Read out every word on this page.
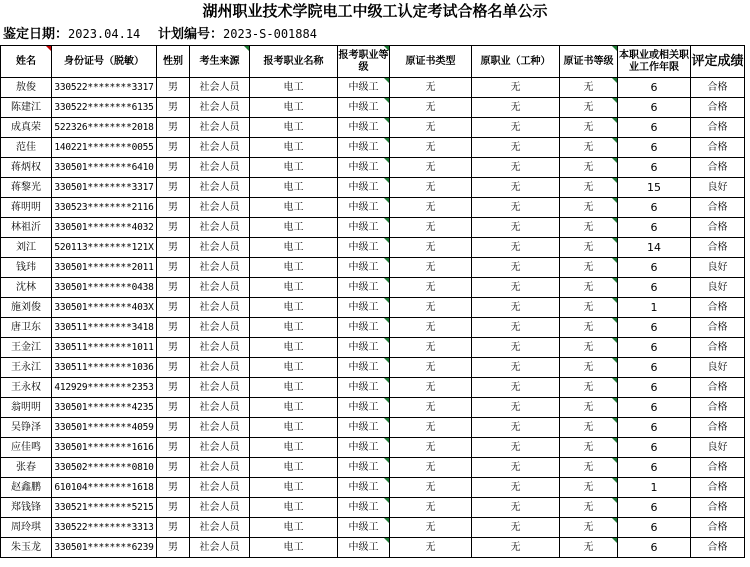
湖州职业技术学院电工中级工认定考试合格名单公示
鉴定日期：2023.04.14 计划编号：2023-S-001884
姓名	身份证号（脱敏）	性别	考生来源	报考职业名称	报考职业等级	原证书类型	原职业（工种）	原证书等级	本职业或相关职业工作年限	评定成绩
敖俊	330522********3317	男	社会人员	电工	中级工	无	无	无	6	合格
陈建江	330522********6135	男	社会人员	电工	中级工	无	无	无	6	合格
成真荣	522326********2018	男	社会人员	电工	中级工	无	无	无	6	合格
范佳	140221********0055	男	社会人员	电工	中级工	无	无	无	6	合格
蒋炳权	330501********6410	男	社会人员	电工	中级工	无	无	无	6	合格
蒋黎光	330501********3317	男	社会人员	电工	中级工	无	无	无	15	良好
蒋明明	330523********2116	男	社会人员	电工	中级工	无	无	无	6	合格
林祖沂	330501********4032	男	社会人员	电工	中级工	无	无	无	6	合格
刘江	520113********121X	男	社会人员	电工	中级工	无	无	无	14	合格
钱玮	330501********2011	男	社会人员	电工	中级工	无	无	无	6	良好
沈林	330501********0438	男	社会人员	电工	中级工	无	无	无	6	良好
施刘俊	330501********403X	男	社会人员	电工	中级工	无	无	无	1	合格
唐卫东	330511********3418	男	社会人员	电工	中级工	无	无	无	6	合格
王金江	330511********1011	男	社会人员	电工	中级工	无	无	无	6	合格
王永江	330511********1036	男	社会人员	电工	中级工	无	无	无	6	良好
王永权	412929********2353	男	社会人员	电工	中级工	无	无	无	6	合格
翁明明	330501********4235	男	社会人员	电工	中级工	无	无	无	6	合格
吴铮泽	330501********4059	男	社会人员	电工	中级工	无	无	无	6	合格
应佳鸣	330501********1616	男	社会人员	电工	中级工	无	无	无	6	良好
张春	330502********0810	男	社会人员	电工	中级工	无	无	无	6	合格
赵鑫鹏	610104********1618	男	社会人员	电工	中级工	无	无	无	1	合格
郑钱锋	330521********5215	男	社会人员	电工	中级工	无	无	无	6	合格
周玲琪	330522********3313	男	社会人员	电工	中级工	无	无	无	6	合格
朱玉龙	330501********6239	男	社会人员	电工	中级工	无	无	无	6	合格
